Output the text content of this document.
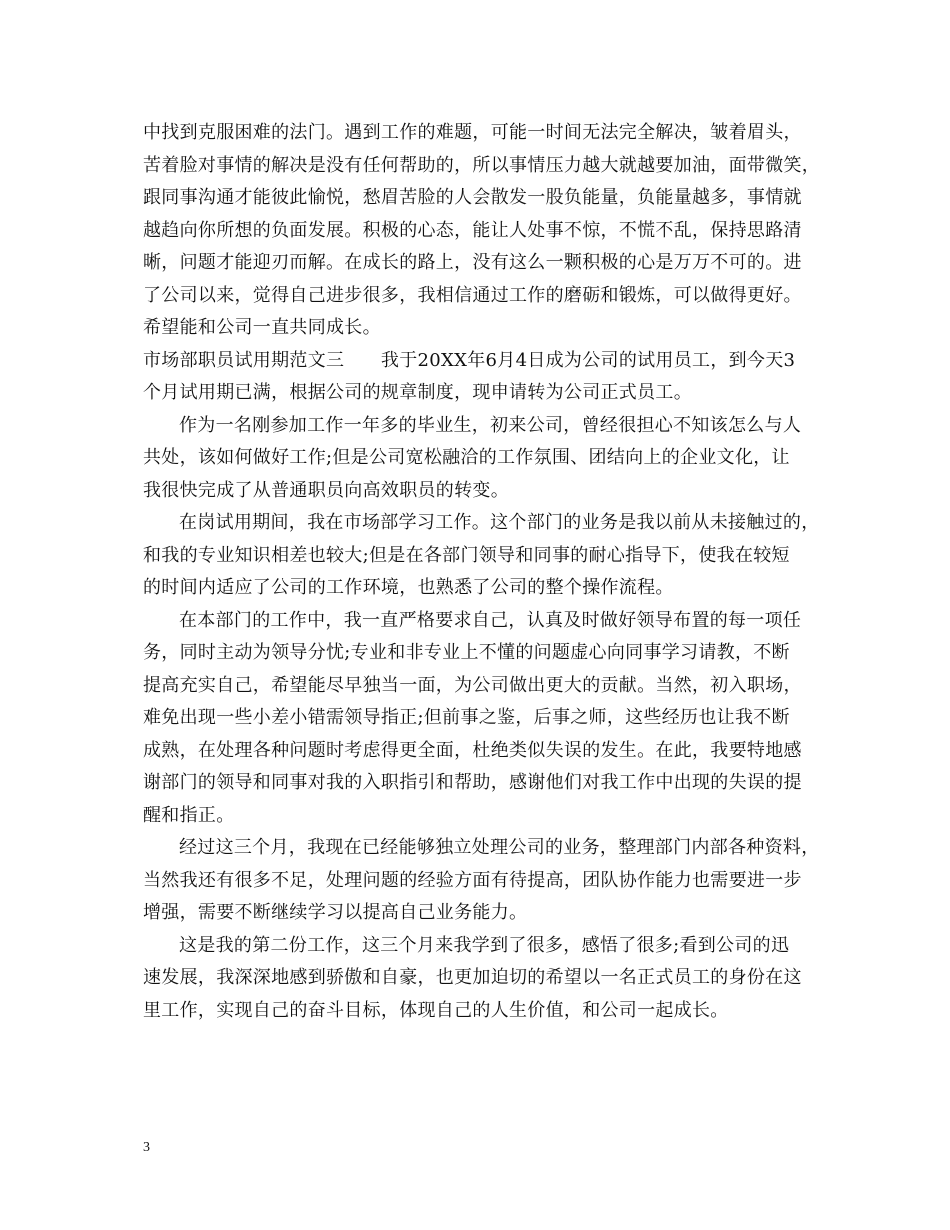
中找到克服困难的法门。遇到工作的难题，可能一时间无法完全解决，皱着眉头，
苦着脸对事情的解决是没有任何帮助的，所以事情压力越大就越要加油，面带微笑，
跟同事沟通才能彼此愉悦，愁眉苦脸的人会散发一股负能量，负能量越多，事情就
越趋向你所想的负面发展。积极的心态，能让人处事不惊，不慌不乱，保持思路清
晰，问题才能迎刃而解。在成长的路上，没有这么一颗积极的心是万万不可的。进
了公司以来，觉得自己进步很多，我相信通过工作的磨砺和锻炼，可以做得更好。
希望能和公司一直共同成长。
市场部职员试用期范文三　　我于20XX年6月4日成为公司的试用员工，到今天3
个月试用期已满，根据公司的规章制度，现申请转为公司正式员工。
作为一名刚参加工作一年多的毕业生，初来公司，曾经很担心不知该怎么与人
共处，该如何做好工作;但是公司宽松融洽的工作氛围、团结向上的企业文化，让
我很快完成了从普通职员向高效职员的转变。
在岗试用期间，我在市场部学习工作。这个部门的业务是我以前从未接触过的，
和我的专业知识相差也较大;但是在各部门领导和同事的耐心指导下，使我在较短
的时间内适应了公司的工作环境，也熟悉了公司的整个操作流程。
在本部门的工作中，我一直严格要求自己，认真及时做好领导布置的每一项任
务，同时主动为领导分忧;专业和非专业上不懂的问题虚心向同事学习请教，不断
提高充实自己，希望能尽早独当一面，为公司做出更大的贡献。当然，初入职场，
难免出现一些小差小错需领导指正;但前事之鉴，后事之师，这些经历也让我不断
成熟，在处理各种问题时考虑得更全面，杜绝类似失误的发生。在此，我要特地感
谢部门的领导和同事对我的入职指引和帮助，感谢他们对我工作中出现的失误的提
醒和指正。
经过这三个月，我现在已经能够独立处理公司的业务，整理部门内部各种资料，
当然我还有很多不足，处理问题的经验方面有待提高，团队协作能力也需要进一步
增强，需要不断继续学习以提高自己业务能力。
这是我的第二份工作，这三个月来我学到了很多，感悟了很多;看到公司的迅
速发展，我深深地感到骄傲和自豪，也更加迫切的希望以一名正式员工的身份在这
里工作，实现自己的奋斗目标，体现自己的人生价值，和公司一起成长。
3
